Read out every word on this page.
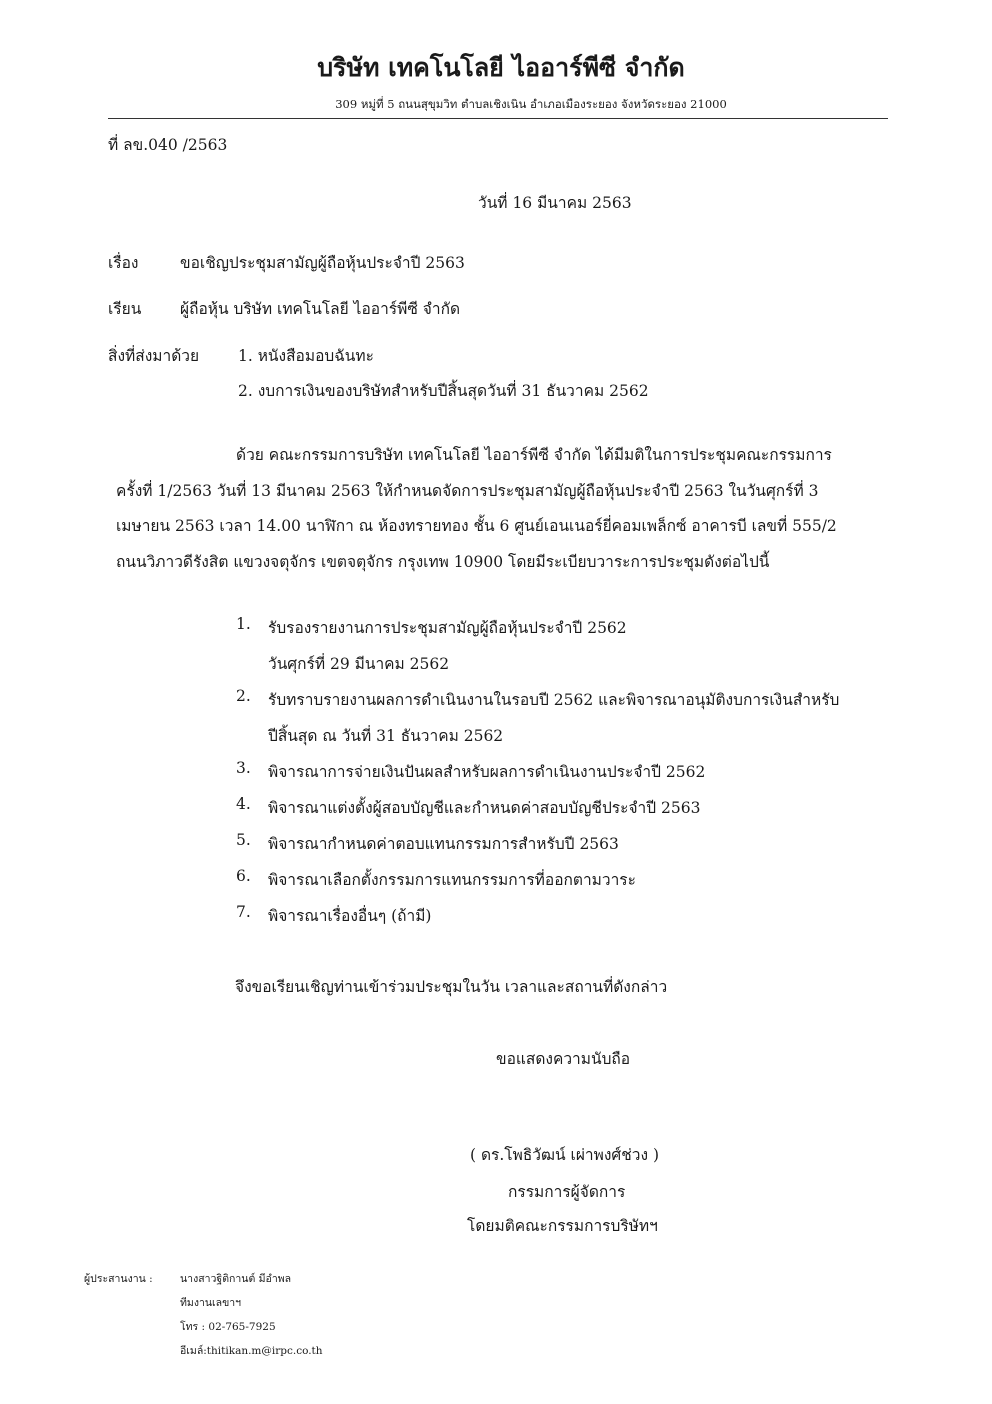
บริษัท เทคโนโลยี ไออาร์พีซี จำกัด
309 หมู่ที่ 5 ถนนสุขุมวิท ตำบลเชิงเนิน อำเภอเมืองระยอง จังหวัดระยอง 21000
ที่ ลข.040 /2563
วันที่ 16 มีนาคม 2563
เรื่อง	ขอเชิญประชุมสามัญผู้ถือหุ้นประจำปี 2563
เรียน ผู้ถือหุ้น บริษัท เทคโนโลยี ไออาร์พีซี จำกัด
สิ่งที่ส่งมาด้วย	1. หนังสือมอบฉันทะ
2. งบการเงินของบริษัทสำหรับปีสิ้นสุดวันที่ 31 ธันวาคม 2562
ด้วย คณะกรรมการบริษัท เทคโนโลยี ไออาร์พีซี จำกัด ได้มีมติในการประชุมคณะกรรมการ
ครั้งที่ 1/2563 วันที่ 13 มีนาคม 2563 ให้กำหนดจัดการประชุมสามัญผู้ถือหุ้นประจำปี 2563 ในวันศุกร์ที่ 3
เมษายน 2563 เวลา 14.00 นาฬิกา ณ ห้องทรายทอง ชั้น 6 ศูนย์เอนเนอร์ยี่คอมเพล็กซ์ อาคารบี เลขที่ 555/2
ถนนวิภาวดีรังสิต แขวงจตุจักร เขตจตุจักร กรุงเทพ 10900 โดยมีระเบียบวาระการประชุมดังต่อไปนี้
1.	รับรองรายงานการประชุมสามัญผู้ถือหุ้นประจำปี 2562
วันศุกร์ที่ 29 มีนาคม 2562
2.	รับทราบรายงานผลการดำเนินงานในรอบปี 2562 และพิจารณาอนุมัติงบการเงินสำหรับ
ปีสิ้นสุด ณ วันที่ 31 ธันวาคม 2562
3.	พิจารณาการจ่ายเงินปันผลสำหรับผลการดำเนินงานประจำปี 2562
4.	พิจารณาแต่งตั้งผู้สอบบัญชีและกำหนดค่าสอบบัญชีประจำปี 2563
5.	พิจารณากำหนดค่าตอบแทนกรรมการสำหรับปี 2563
6.	พิจารณาเลือกตั้งกรรมการแทนกรรมการที่ออกตามวาระ
7.	พิจารณาเรื่องอื่นๆ (ถ้ามี)
จึงขอเรียนเชิญท่านเข้าร่วมประชุมในวัน เวลาและสถานที่ดังกล่าว
ขอแสดงความนับถือ
( ดร.โพธิวัฒน์ เผ่าพงศ์ช่วง )
กรรมการผู้จัดการ
โดยมติคณะกรรมการบริษัทฯ
ผู้ประสานงาน :	นางสาวฐิติกานต์ มีอำพล
ทีมงานเลขาฯ
โทร : 02-765-7925
อีเมล์:thitikan.m@irpc.co.th
